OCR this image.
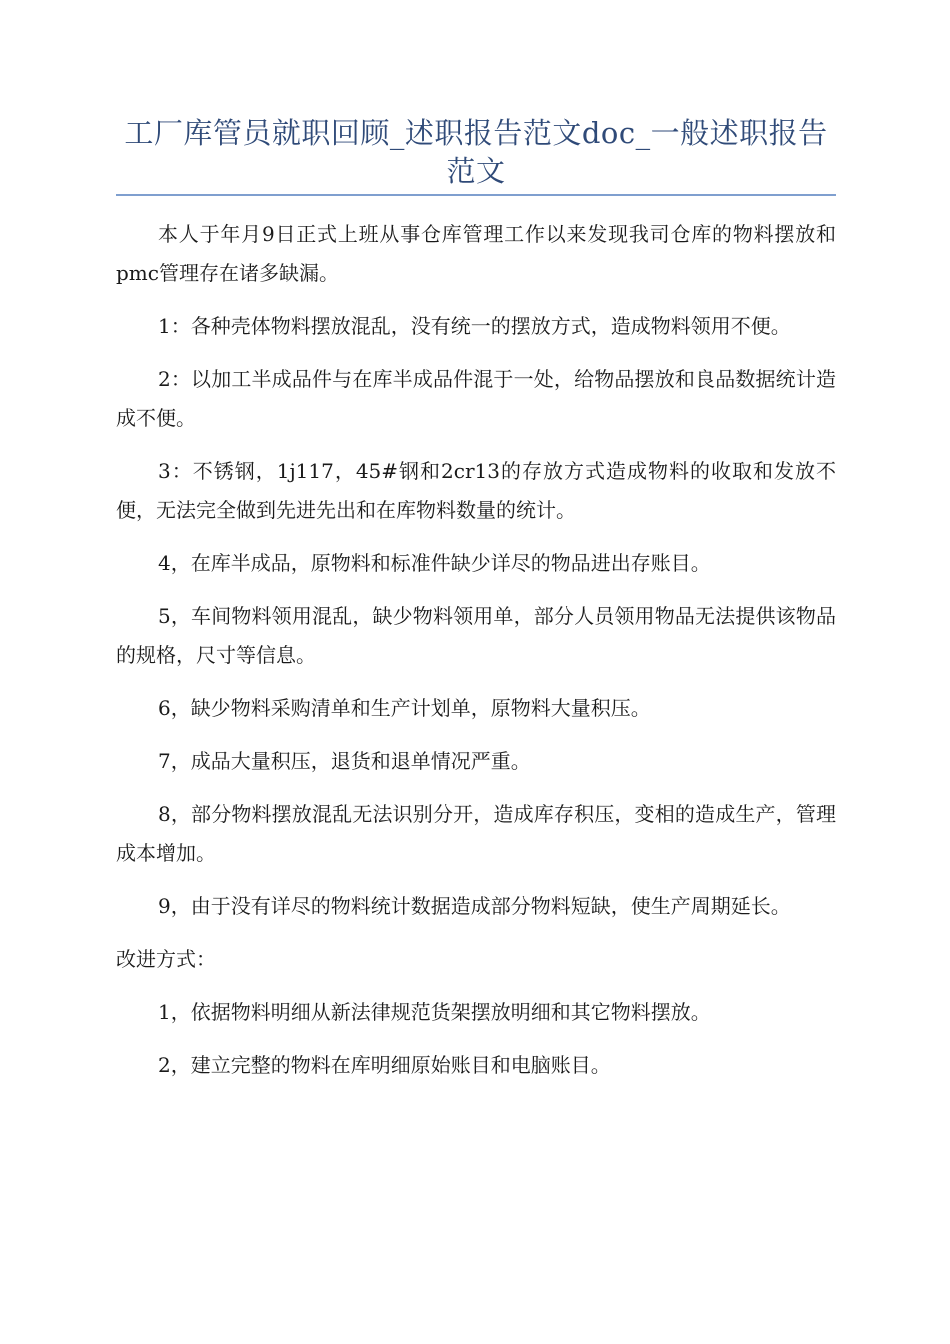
工厂库管员就职回顾_述职报告范文doc_一般述职报告范文

本人于年月9日正式上班从事仓库管理工作以来发现我司仓库的物料摆放和pmc管理存在诸多缺漏。

1：各种壳体物料摆放混乱，没有统一的摆放方式，造成物料领用不便。

2：以加工半成品件与在库半成品件混于一处，给物品摆放和良品数据统计造成不便。

3：不锈钢，1j117，45#钢和2cr13的存放方式造成物料的收取和发放不便，无法完全做到先进先出和在库物料数量的统计。

4，在库半成品，原物料和标准件缺少详尽的物品进出存账目。

5，车间物料领用混乱，缺少物料领用单，部分人员领用物品无法提供该物品的规格，尺寸等信息。

6，缺少物料采购清单和生产计划单，原物料大量积压。

7，成品大量积压，退货和退单情况严重。

8，部分物料摆放混乱无法识别分开，造成库存积压，变相的造成生产，管理成本增加。

9，由于没有详尽的物料统计数据造成部分物料短缺，使生产周期延长。

改进方式：

1，依据物料明细从新法律规范货架摆放明细和其它物料摆放。

2，建立完整的物料在库明细原始账目和电脑账目。
